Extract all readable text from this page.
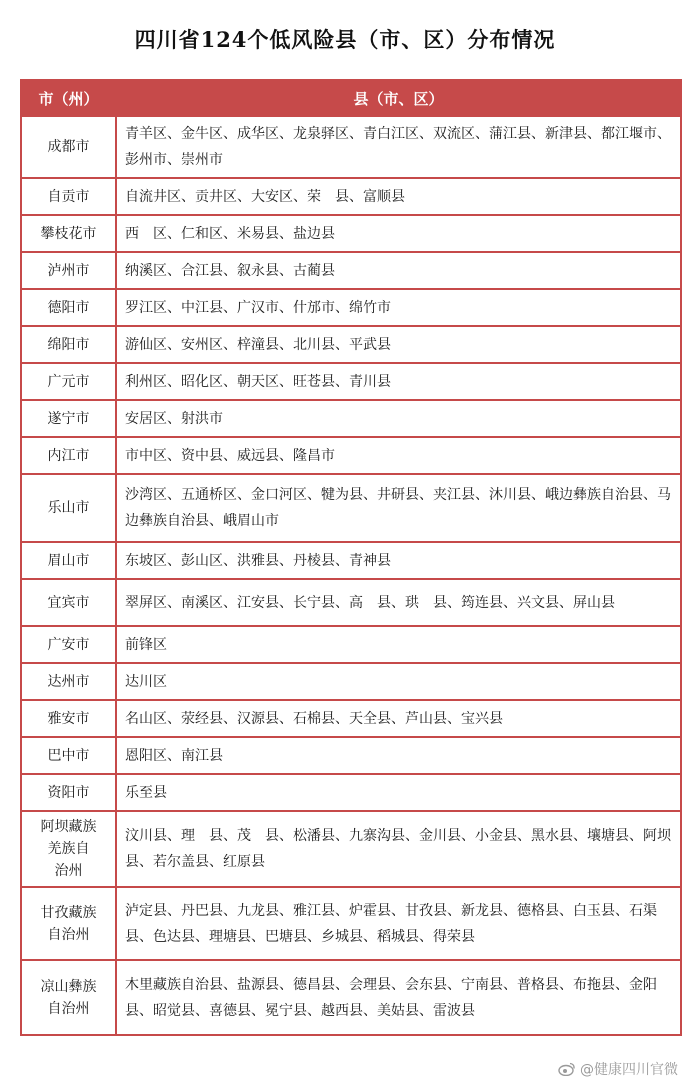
四川省124个低风险县（市、区）分布情况
市（州）	县（市、区）
成都市	青羊区、金牛区、成华区、龙泉驿区、青白江区、双流区、蒲江县、新津县、都江堰市、彭州市、崇州市
自贡市	自流井区、贡井区、大安区、荣　县、富顺县
攀枝花市	西　区、仁和区、米易县、盐边县
泸州市	纳溪区、合江县、叙永县、古蔺县
德阳市	罗江区、中江县、广汉市、什邡市、绵竹市
绵阳市	游仙区、安州区、梓潼县、北川县、平武县
广元市	利州区、昭化区、朝天区、旺苍县、青川县
遂宁市	安居区、射洪市
内江市	市中区、资中县、威远县、隆昌市
乐山市	沙湾区、五通桥区、金口河区、犍为县、井研县、夹江县、沐川县、峨边彝族自治县、马边彝族自治县、峨眉山市
眉山市	东坡区、彭山区、洪雅县、丹棱县、青神县
宜宾市	翠屏区、南溪区、江安县、长宁县、高　县、珙　县、筠连县、兴文县、屏山县
广安市	前锋区
达州市	达川区
雅安市	名山区、荥经县、汉源县、石棉县、天全县、芦山县、宝兴县
巴中市	恩阳区、南江县
资阳市	乐至县
阿坝藏族
羌族自
治州	汶川县、理　县、茂　县、松潘县、九寨沟县、金川县、小金县、黑水县、壤塘县、阿坝县、若尔盖县、红原县
甘孜藏族
自治州	泸定县、丹巴县、九龙县、雅江县、炉霍县、甘孜县、新龙县、德格县、白玉县、石渠县、色达县、理塘县、巴塘县、乡城县、稻城县、得荣县
凉山彝族
自治州	木里藏族自治县、盐源县、德昌县、会理县、会东县、宁南县、普格县、布拖县、金阳县、昭觉县、喜德县、冕宁县、越西县、美姑县、雷波县
@健康四川官微
